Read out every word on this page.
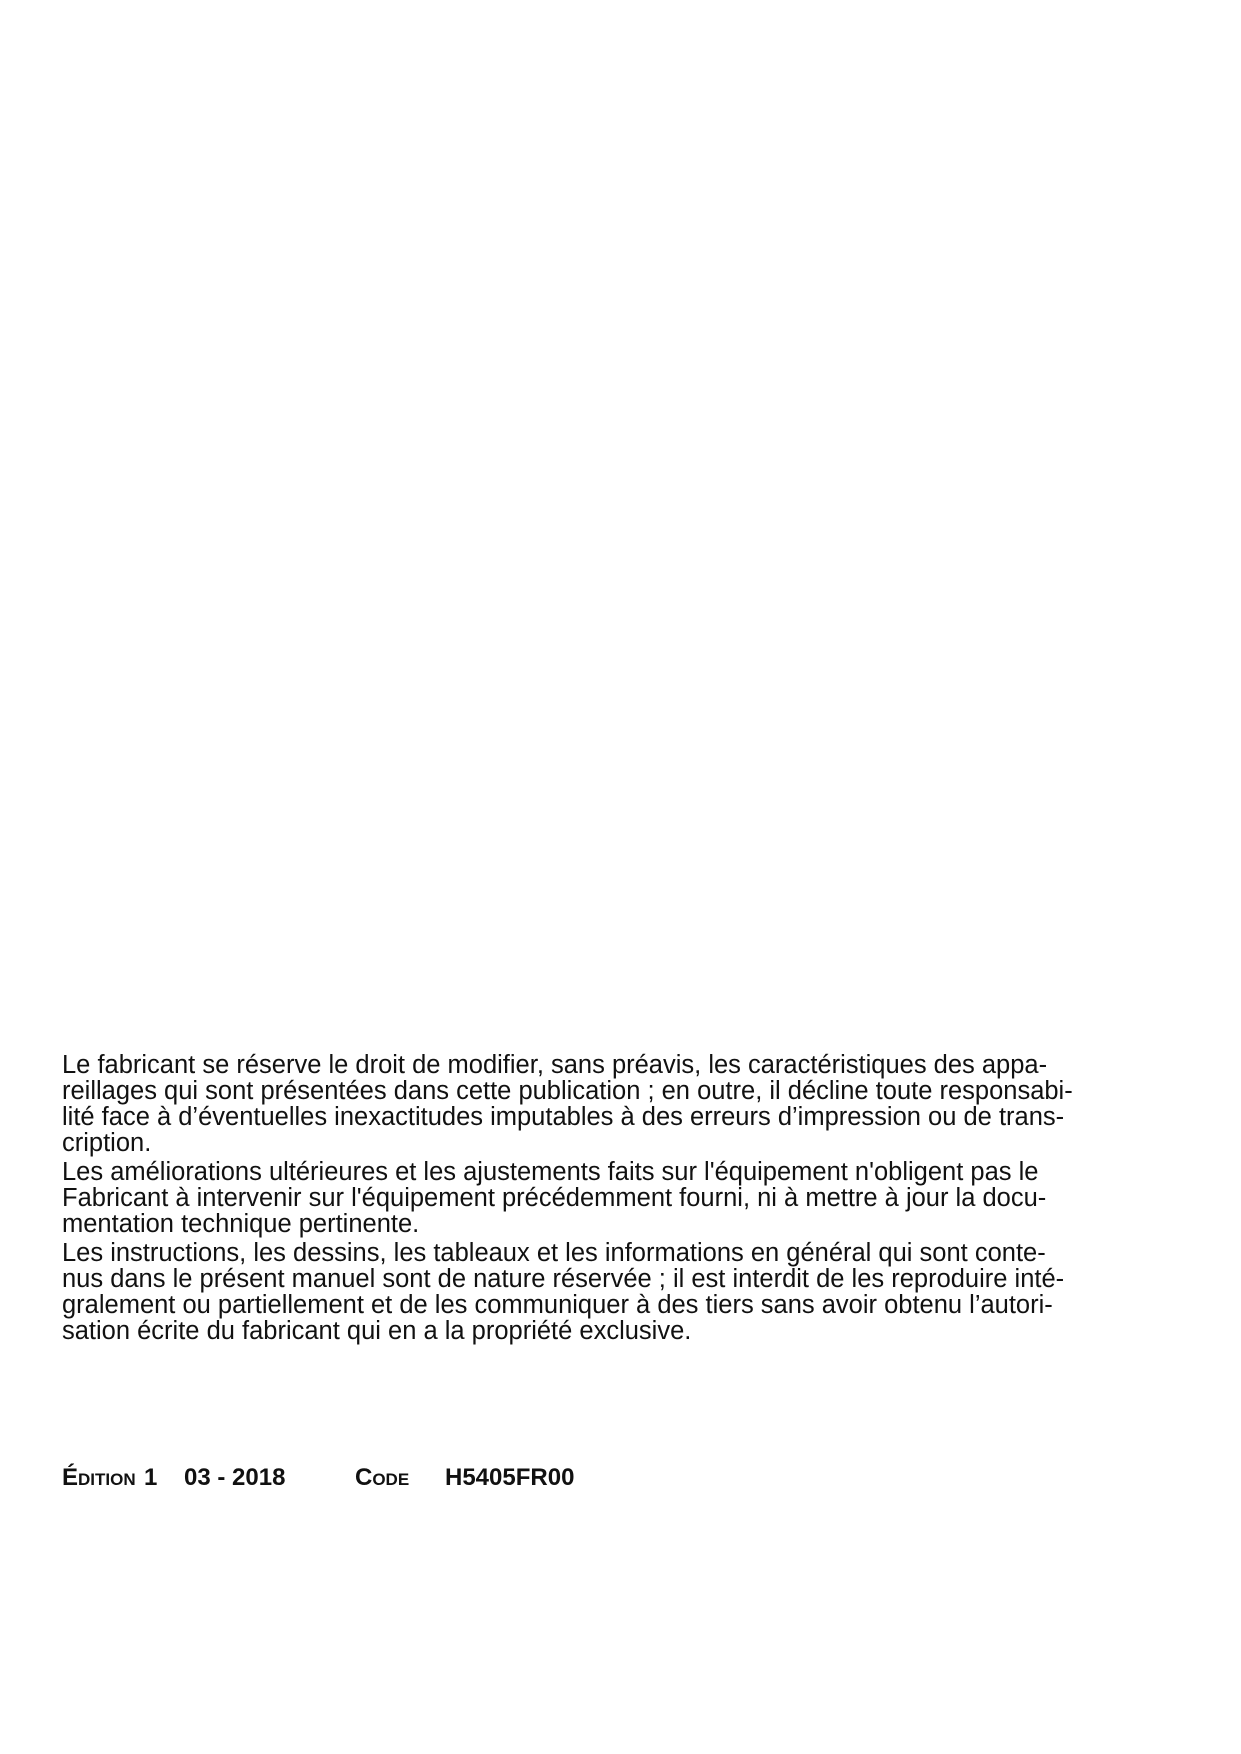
Le fabricant se réserve le droit de modifier, sans préavis, les caractéristiques des appa-
reillages qui sont présentées dans cette publication ; en outre, il décline toute responsabi-
lité face à d’éventuelles inexactitudes imputables à des erreurs d’impression ou de trans-
cription.
Les améliorations ultérieures et les ajustements faits sur l'équipement n'obligent pas le
Fabricant à intervenir sur l'équipement précédemment fourni, ni à mettre à jour la docu-
mentation technique pertinente.
Les instructions, les dessins, les tableaux et les informations en général qui sont conte-
nus dans le présent manuel sont de nature réservée ; il est interdit de les reproduire inté-
gralement ou partiellement et de les communiquer à des tiers sans avoir obtenu l’autori-
sation écrite du fabricant qui en a la propriété exclusive.
Édition 1 03 - 2018	Code H5405FR00
